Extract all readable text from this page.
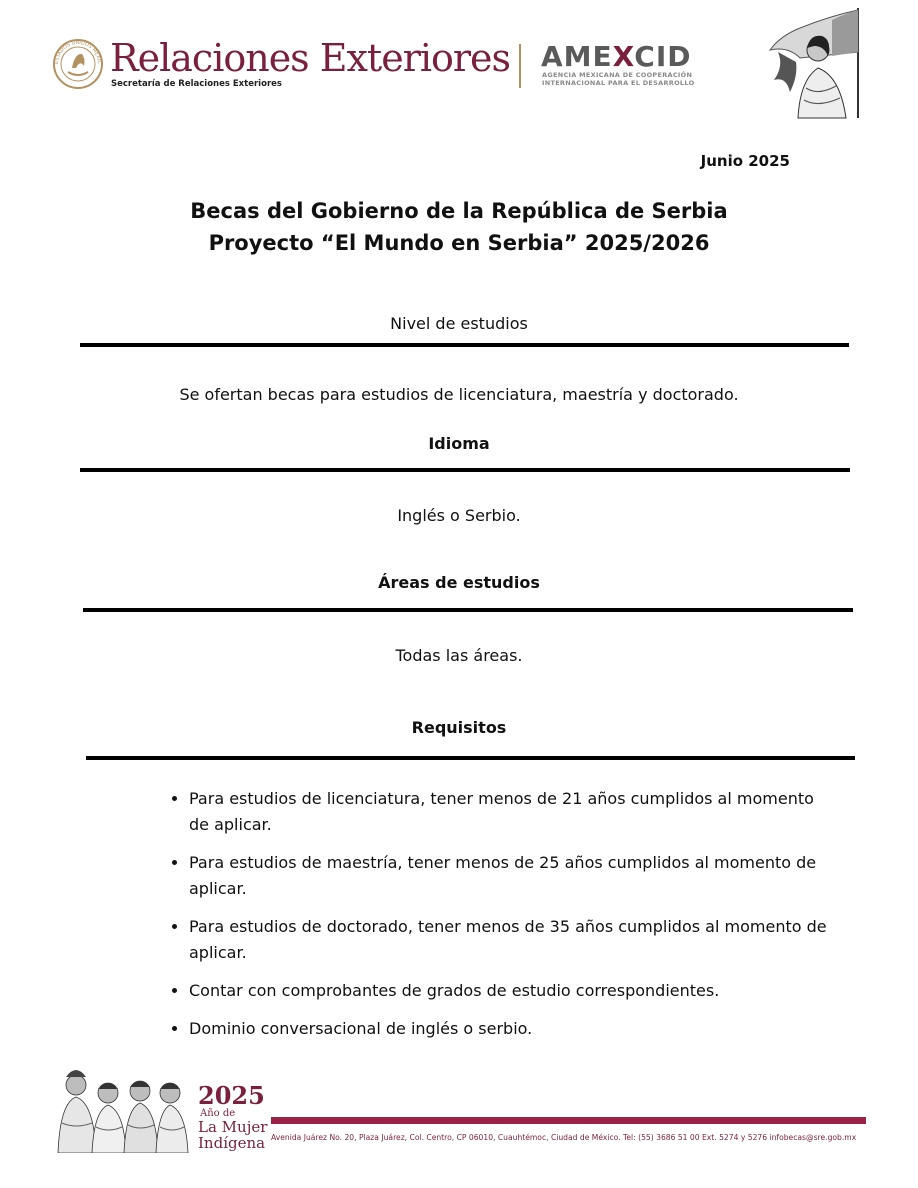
ESTADOS UNIDOS MEXIC Relaciones Exteriores
Secretaría de Relaciones Exteriores
AMEXCID
AGENCIA MEXICANA DE COOPERACIÓN
INTERNACIONAL PARA EL DESARROLLO
Junio 2025
Becas del Gobierno de la República de Serbia
Proyecto “El Mundo en Serbia” 2025/2026
Nivel de estudios
Se ofertan becas para estudios de licenciatura, maestría y doctorado.
Idioma
Inglés o Serbio.
Áreas de estudios
Todas las áreas.
Requisitos
• Para estudios de licenciatura, tener menos de 21 años cumplidos al momento de aplicar.
• Para estudios de maestría, tener menos de 25 años cumplidos al momento de aplicar.
• Para estudios de doctorado, tener menos de 35 años cumplidos al momento de aplicar.
• Contar con comprobantes de grados de estudio correspondientes.
• Dominio conversacional de inglés o serbio.
2025
Año de
La Mujer
Indígena Avenida Juárez No. 20, Plaza Juárez, Col. Centro, CP 06010, Cuauhtémoc, Ciudad de México. Tel: (55) 3686 51 00 Ext. 5274 y 5276 infobecas@sre.gob.mx
